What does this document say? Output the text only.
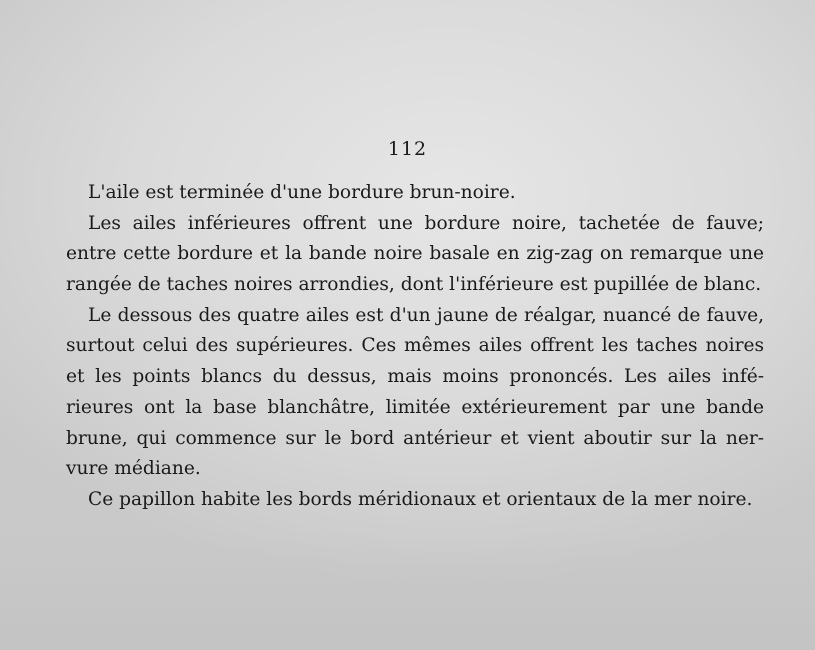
112
L'aile est terminée d'une bordure brun-noire.
Les ailes inférieures offrent une bordure noire, tachetée de fauve;
entre cette bordure et la bande noire basale en zig-zag on remarque une
rangée de taches noires arrondies, dont l'inférieure est pupillée de blanc.
Le dessous des quatre ailes est d'un jaune de réalgar, nuancé de fauve,
surtout celui des supérieures. Ces mêmes ailes offrent les taches noires
et les points blancs du dessus, mais moins prononcés. Les ailes infé-
rieures ont la base blanchâtre, limitée extérieurement par une bande
brune, qui commence sur le bord antérieur et vient aboutir sur la ner-
vure médiane.
Ce papillon habite les bords méridionaux et orientaux de la mer noire.
